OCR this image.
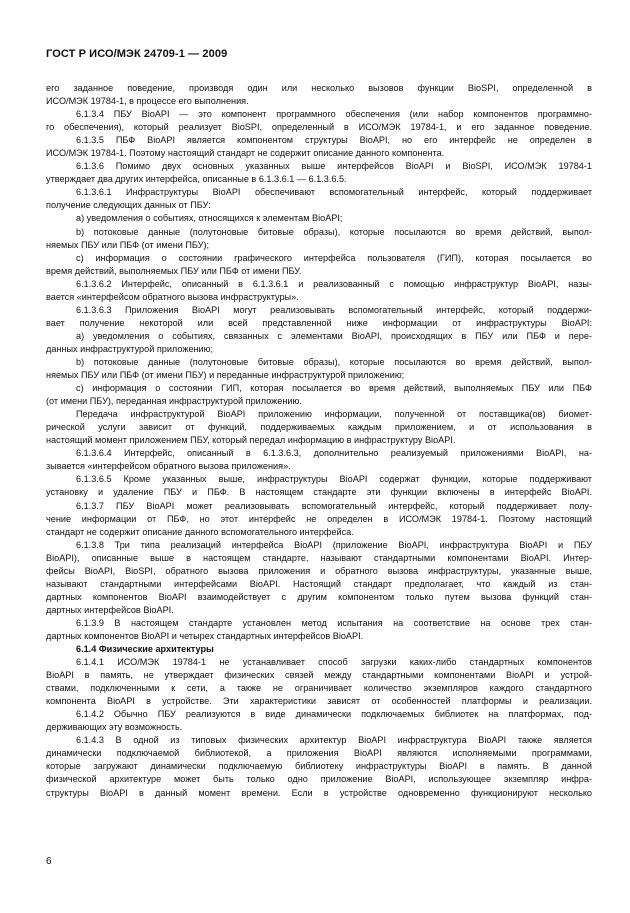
ГОСТ Р ИСО/МЭК 24709-1 — 2009
его заданное поведение, производя один или несколько вызовов функции BioSPI, определенной в
ИСО/МЭК 19784-1, в процессе его выполнения.
6.1.3.4 ПБУ BioAPI — это компонент программного обеспечения (или набор компонентов программно-
го обеспечения), который реализует BioSPI, определенный в ИСО/МЭК 19784-1, и его заданное поведение.
6.1.3.5 ПБФ BioAPI является компонентом структуры BioAPI, но его интерфейс не определен в
ИСО/МЭК 19784-1. Поэтому настоящий стандарт не содержит описание данного компонента.
6.1.3.6 Помимо двух основных указанных выше интерфейсов BioAPI и BioSPI, ИСО/МЭК 19784-1
утверждает два других интерфейса, описанные в 6.1.3.6.1 — 6.1.3.6.5.
6.1.3.6.1 Инфраструктуры BioAPI обеспечивают вспомогательный интерфейс, который поддерживает
получение следующих данных от ПБУ:
a) уведомления о событиях, относящихся к элементам BioAPI;
b) потоковые данные (полутоновые битовые образы), которые посылаются во время действий, выпол-
няемых ПБУ или ПБФ (от имени ПБУ);
c) информация о состоянии графического интерфейса пользователя (ГИП), которая посылается во
время действий, выполняемых ПБУ или ПБФ от имени ПБУ.
6.1.3.6.2 Интерфейс, описанный в 6.1.3.6.1 и реализованный с помощью инфраструктур BioAPI, назы-
вается «интерфейсом обратного вызова инфраструктуры».
6.1.3.6.3 Приложения BioAPI могут реализовывать вспомогательный интерфейс, который поддержи-
вает получение некоторой или всей представленной ниже информации от инфраструктуры BioAPI:
a) уведомления о событиях, связанных с элементами BioAPI, происходящих в ПБУ или ПБФ и пере-
данных инфраструктурой приложению;
b) потоковые данные (полутоновые битовые образы), которые посылаются во время действий, выпол-
няемых ПБУ или ПБФ (от имени ПБУ) и переданные инфраструктурой приложению;
c) информация о состоянии ГИП, которая посылается во время действий, выполняемых ПБУ или ПБФ
(от имени ПБУ), переданная инфраструктурой приложению.
Передача инфраструктурой BioAPI приложению информации, полученной от поставщика(ов) биомет-
рической услуги зависит от функций, поддерживаемых каждым приложением, и от использования в
настоящий момент приложением ПБУ, который передал информацию в инфраструктуру BioAPI.
6.1.3.6.4 Интерфейс, описанный в 6.1.3.6.3, дополнительно реализуемый приложениями BioAPI, на-
зывается «интерфейсом обратного вызова приложения».
6.1.3.6.5 Кроме указанных выше, инфраструктуры BioAPI содержат функции, которые поддерживают
установку и удаление ПБУ и ПБФ. В настоящем стандарте эти функции включены в интерфейс BioAPI.
6.1.3.7 ПБУ BioAPI может реализовывать вспомогательный интерфейс, который поддерживает полу-
чение информации от ПБФ, но этот интерфейс не определен в ИСО/МЭК 19784-1. Поэтому настоящий
стандарт не содержит описание данного вспомогательного интерфейса.
6.1.3.8 Три типа реализаций интерфейса BioAPI (приложение BioAPI, инфраструктура BioAPI и ПБУ
BioAPI), описанные выше в настоящем стандарте, называют стандартными компонентами BioAPI. Интер-
фейсы BioAPI, BioSPI, обратного вызова приложения и обратного вызова инфраструктуры, указанные выше,
называют стандартными интерфейсами BioAPI. Настоящий стандарт предполагает, что каждый из стан-
дартных компонентов BioAPI взаимодействует с другим компонентом только путем вызова функций стан-
дартных интерфейсов BioAPI.
6.1.3.9 В настоящем стандарте установлен метод испытания на соответствие на основе трех стан-
дартных компонентов BioAPI и четырех стандартных интерфейсов BioAPI.
6.1.4 Физические архитектуры
6.1.4.1 ИСО/МЭК 19784-1 не устанавливает способ загрузки каких-либо стандартных компонентов
BioAPI в память, не утверждает физических связей между стандартными компонентами BioAPI и устрой-
ствами, подключенными к сети, а также не ограничивает количество экземпляров каждого стандартного
компонента BioAPI в устройстве. Эти характеристики зависят от особенностей платформы и реализации.
6.1.4.2 Обычно ПБУ реализуются в виде динамически подключаемых библиотек на платформах, под-
держивающих эту возможность.
6.1.4.3 В одной из типовых физических архитектур BioAPI инфраструктура BioAPI также является
динамически подключаемой библиотекой, а приложения BioAPI являются исполняемыми программами,
которые загружают динамически подключаемую библиотеку инфраструктуры BioAPI в память. В данной
физической архитектуре может быть только одно приложение BioAPI, использующее экземпляр инфра-
структуры BioAPI в данный момент времени. Если в устройстве одновременно функционируют несколько
6
